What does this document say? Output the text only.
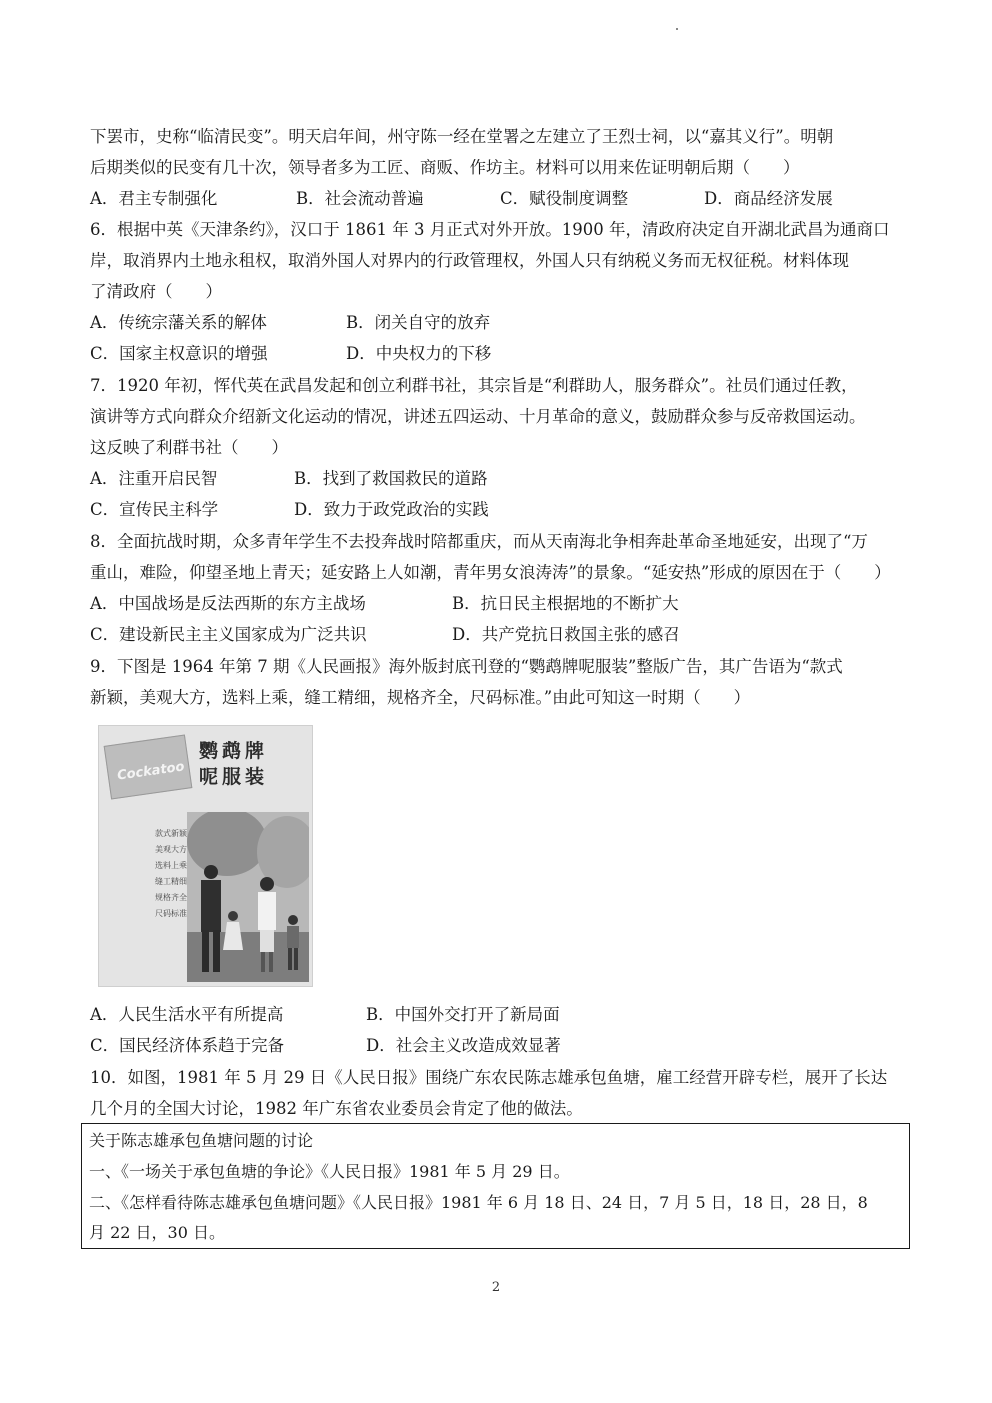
下罢市，史称“临清民变”。明天启年间，州守陈一经在堂署之左建立了王烈士祠，以“嘉其义行”。明朝
后期类似的民变有几十次，领导者多为工匠、商贩、作坊主。材料可以用来佐证明朝后期（　　）
A．君主专制强化	B．社会流动普遍	C．赋役制度调整	D．商品经济发展
6．根据中英《天津条约》，汉口于 1861 年 3 月正式对外开放。1900 年，清政府决定自开湖北武昌为通商口
岸，取消界内土地永租权，取消外国人对界内的行政管理权，外国人只有纳税义务而无权征税。材料体现
了清政府（　　）
A．传统宗藩关系的解体	B．闭关自守的放弃
C．国家主权意识的增强	D．中央权力的下移
7．1920 年初，恽代英在武昌发起和创立利群书社，其宗旨是“利群助人，服务群众”。社员们通过任教，
演讲等方式向群众介绍新文化运动的情况，讲述五四运动、十月革命的意义，鼓励群众参与反帝救国运动。
这反映了利群书社（　　）
A．注重开启民智	B．找到了救国救民的道路
C．宣传民主科学	D．致力于政党政治的实践
8．全面抗战时期，众多青年学生不去投奔战时陪都重庆，而从天南海北争相奔赴革命圣地延安，出现了“万
重山，难险，仰望圣地上青天；延安路上人如潮，青年男女浪涛涛”的景象。“延安热”形成的原因在于（　　）
A．中国战场是反法西斯的东方主战场	B．抗日民主根据地的不断扩大
C．建设新民主主义国家成为广泛共识	D．共产党抗日救国主张的感召
9．下图是 1964 年第 7 期《人民画报》海外版封底刊登的“鹦鹉牌呢服装”整版广告，其广告语为“款式
新颖，美观大方，选料上乘，缝工精细，规格齐全，尺码标准。”由此可知这一时期（　　）
Cockatoo
鹦鹉牌
呢服装
款式新颖
美观大方
选料上乘
缝工精细
规格齐全
尺码标准
A．人民生活水平有所提高	B．中国外交打开了新局面
C．国民经济体系趋于完备	D．社会主义改造成效显著
10．如图，1981 年 5 月 29 日《人民日报》围绕广东农民陈志雄承包鱼塘，雇工经营开辟专栏，展开了长达
几个月的全国大讨论，1982 年广东省农业委员会肯定了他的做法。
关于陈志雄承包鱼塘问题的讨论
一、《一场关于承包鱼塘的争论》《人民日报》1981 年 5 月 29 日。
二、《怎样看待陈志雄承包鱼塘问题》《人民日报》1981 年 6 月 18 日、24 日，7 月 5 日，18 日，28 日，8
月 22 日，30 日。
2
